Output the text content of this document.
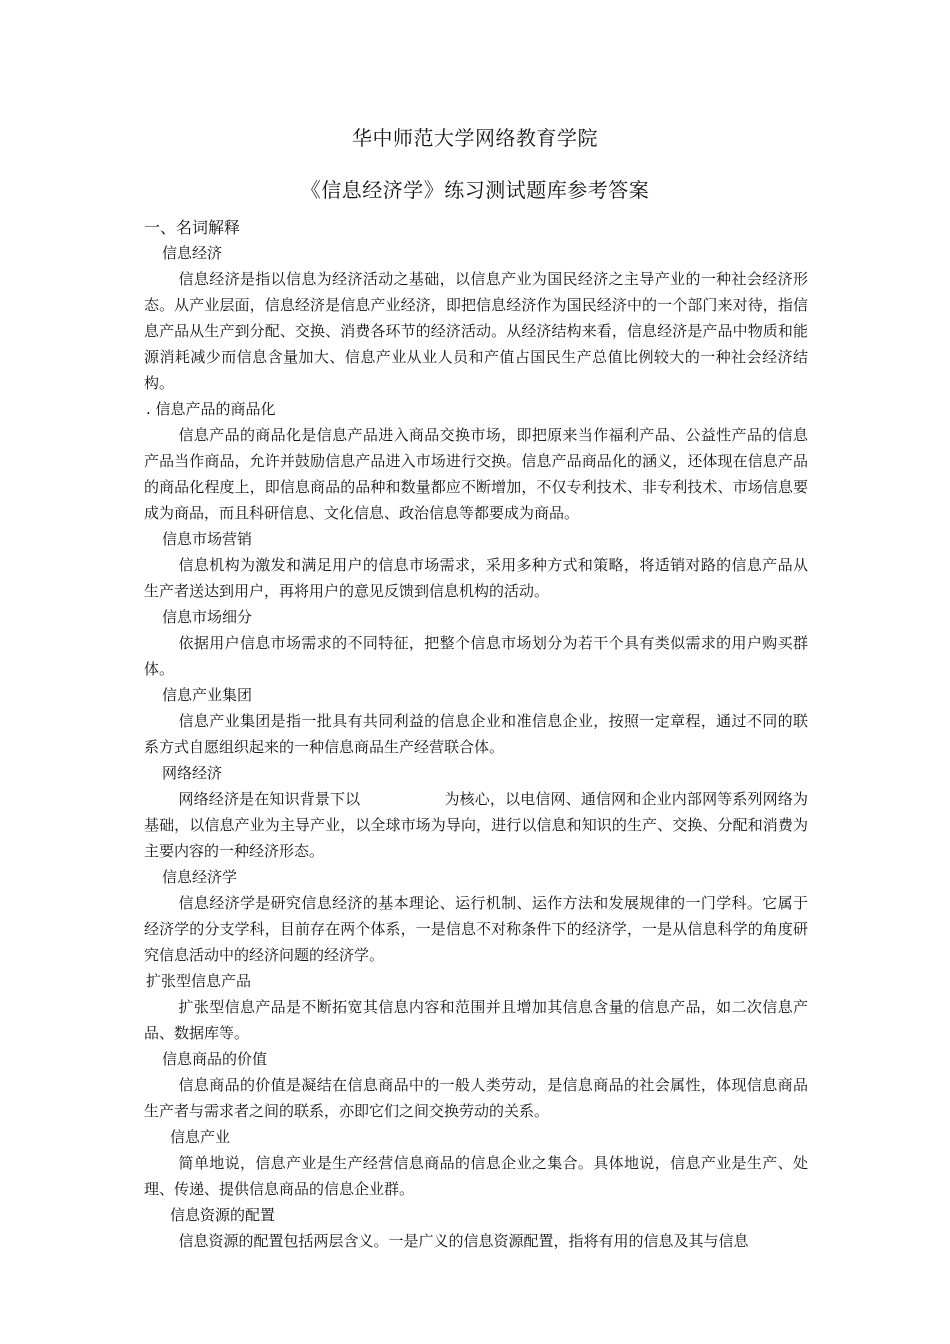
华中师范大学网络教育学院
《信息经济学》练习测试题库参考答案
一、名词解释
信息经济

信息经济是指以信息为经济活动之基础，以信息产业为国民经济之主导产业的一种社会经济形态。从产业层面，信息经济是信息产业经济，即把信息经济作为国民经济中的一个部门来对待，指信息产品从生产到分配、交换、消费各环节的经济活动。从经济结构来看，信息经济是产品中物质和能源消耗减少而信息含量加大、信息产业从业人员和产值占国民生产总值比例较大的一种社会经济结构。

. 信息产品的商品化

信息产品的商品化是信息产品进入商品交换市场，即把原来当作福利产品、公益性产品的信息产品当作商品，允许并鼓励信息产品进入市场进行交换。信息产品商品化的涵义，还体现在信息产品的商品化程度上，即信息商品的品种和数量都应不断增加，不仅专利技术、非专利技术、市场信息要成为商品，而且科研信息、文化信息、政治信息等都要成为商品。

信息市场营销

信息机构为激发和满足用户的信息市场需求，采用多种方式和策略，将适销对路的信息产品从生产者送达到用户，再将用户的意见反馈到信息机构的活动。

信息市场细分

依据用户信息市场需求的不同特征，把整个信息市场划分为若干个具有类似需求的用户购买群体。

信息产业集团

信息产业集团是指一批具有共同利益的信息企业和准信息企业，按照一定章程，通过不同的联系方式自愿组织起来的一种信息商品生产经营联合体。

网络经济

网络经济是在知识背景下以	为核心，以电信网、通信网和企业内部网等系列网络为基础，以信息产业为主导产业，以全球市场为导向，进行以信息和知识的生产、交换、分配和消费为主要内容的一种经济形态。

信息经济学

信息经济学是研究信息经济的基本理论、运行机制、运作方法和发展规律的一门学科。它属于经济学的分支学科，目前存在两个体系，一是信息不对称条件下的经济学，一是从信息科学的角度研究信息活动中的经济问题的经济学。

扩张型信息产品

扩张型信息产品是不断拓宽其信息内容和范围并且增加其信息含量的信息产品，如二次信息产品、数据库等。

信息商品的价值

信息商品的价值是凝结在信息商品中的一般人类劳动，是信息商品的社会属性，体现信息商品生产者与需求者之间的联系，亦即它们之间交换劳动的关系。

信息产业

简单地说，信息产业是生产经营信息商品的信息企业之集合。具体地说，信息产业是生产、处理、传递、提供信息商品的信息企业群。

信息资源的配置

信息资源的配置包括两层含义。一是广义的信息资源配置，指将有用的信息及其与信息
